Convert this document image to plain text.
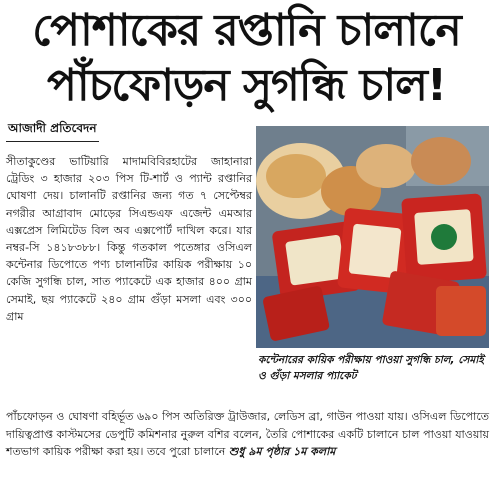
পোশাকের রপ্তানি চালানে
পাঁচফোড়ন সুগন্ধি চাল!
আজাদী প্রতিবেদন

সীতাকুণ্ডের ভাটিয়ারি মাদামবিবিরহাটের জাহানারা ট্রেডিং ৩ হাজার ২০৩ পিস টি-শার্ট ও প্যান্ট রপ্তানির ঘোষণা দেয়। চালানটি রপ্তানির জন্য গত ৭ সেপ্টেম্বর নগরীর আগ্রাবাদ মোড়ের সিএন্ডএফ এজেন্ট এমআর এক্সপ্রেস লিমিটেড বিল অব এক্সপোর্ট দাখিল করে। যার নম্বর-সি ১৪১৮৩৮৮। কিন্তু গতকাল পতেঙ্গার ওসিএল কন্টেনার ডিপোতে পণ্য চালানটির কায়িক পরীক্ষায় ১০ কেজি সুগন্ধি চাল, সাত প্যাকেটে এক হাজার ৪০০ গ্রাম সেমাই, ছয় প্যাকেটে ২৪০ গ্রাম গুঁড়া মসলা এবং ৩০০ গ্রাম

কন্টেনারের কায়িক পরীক্ষায় পাওয়া সুগন্ধি চাল, সেমাই ও গুঁড়া মসলার প্যাকেট

পাঁচফোড়ন ও ঘোষণা বহির্ভূত ৬৯০ পিস অতিরিক্ত ট্রাউজার, লেডিস ব্রা, গাউন পাওয়া যায়। ওসিএল ডিপোতে দায়িত্বপ্রাপ্ত কাস্টমসের ডেপুটি কমিশনার নুরুল বশির বলেন, তৈরি পোশাকের একটি চালানে চাল পাওয়া যাওয়ায় শতভাগ কায়িক পরীক্ষা করা হয়। তবে পুরো চালানে শুধু ৯ম পৃষ্ঠার ১ম কলাম
